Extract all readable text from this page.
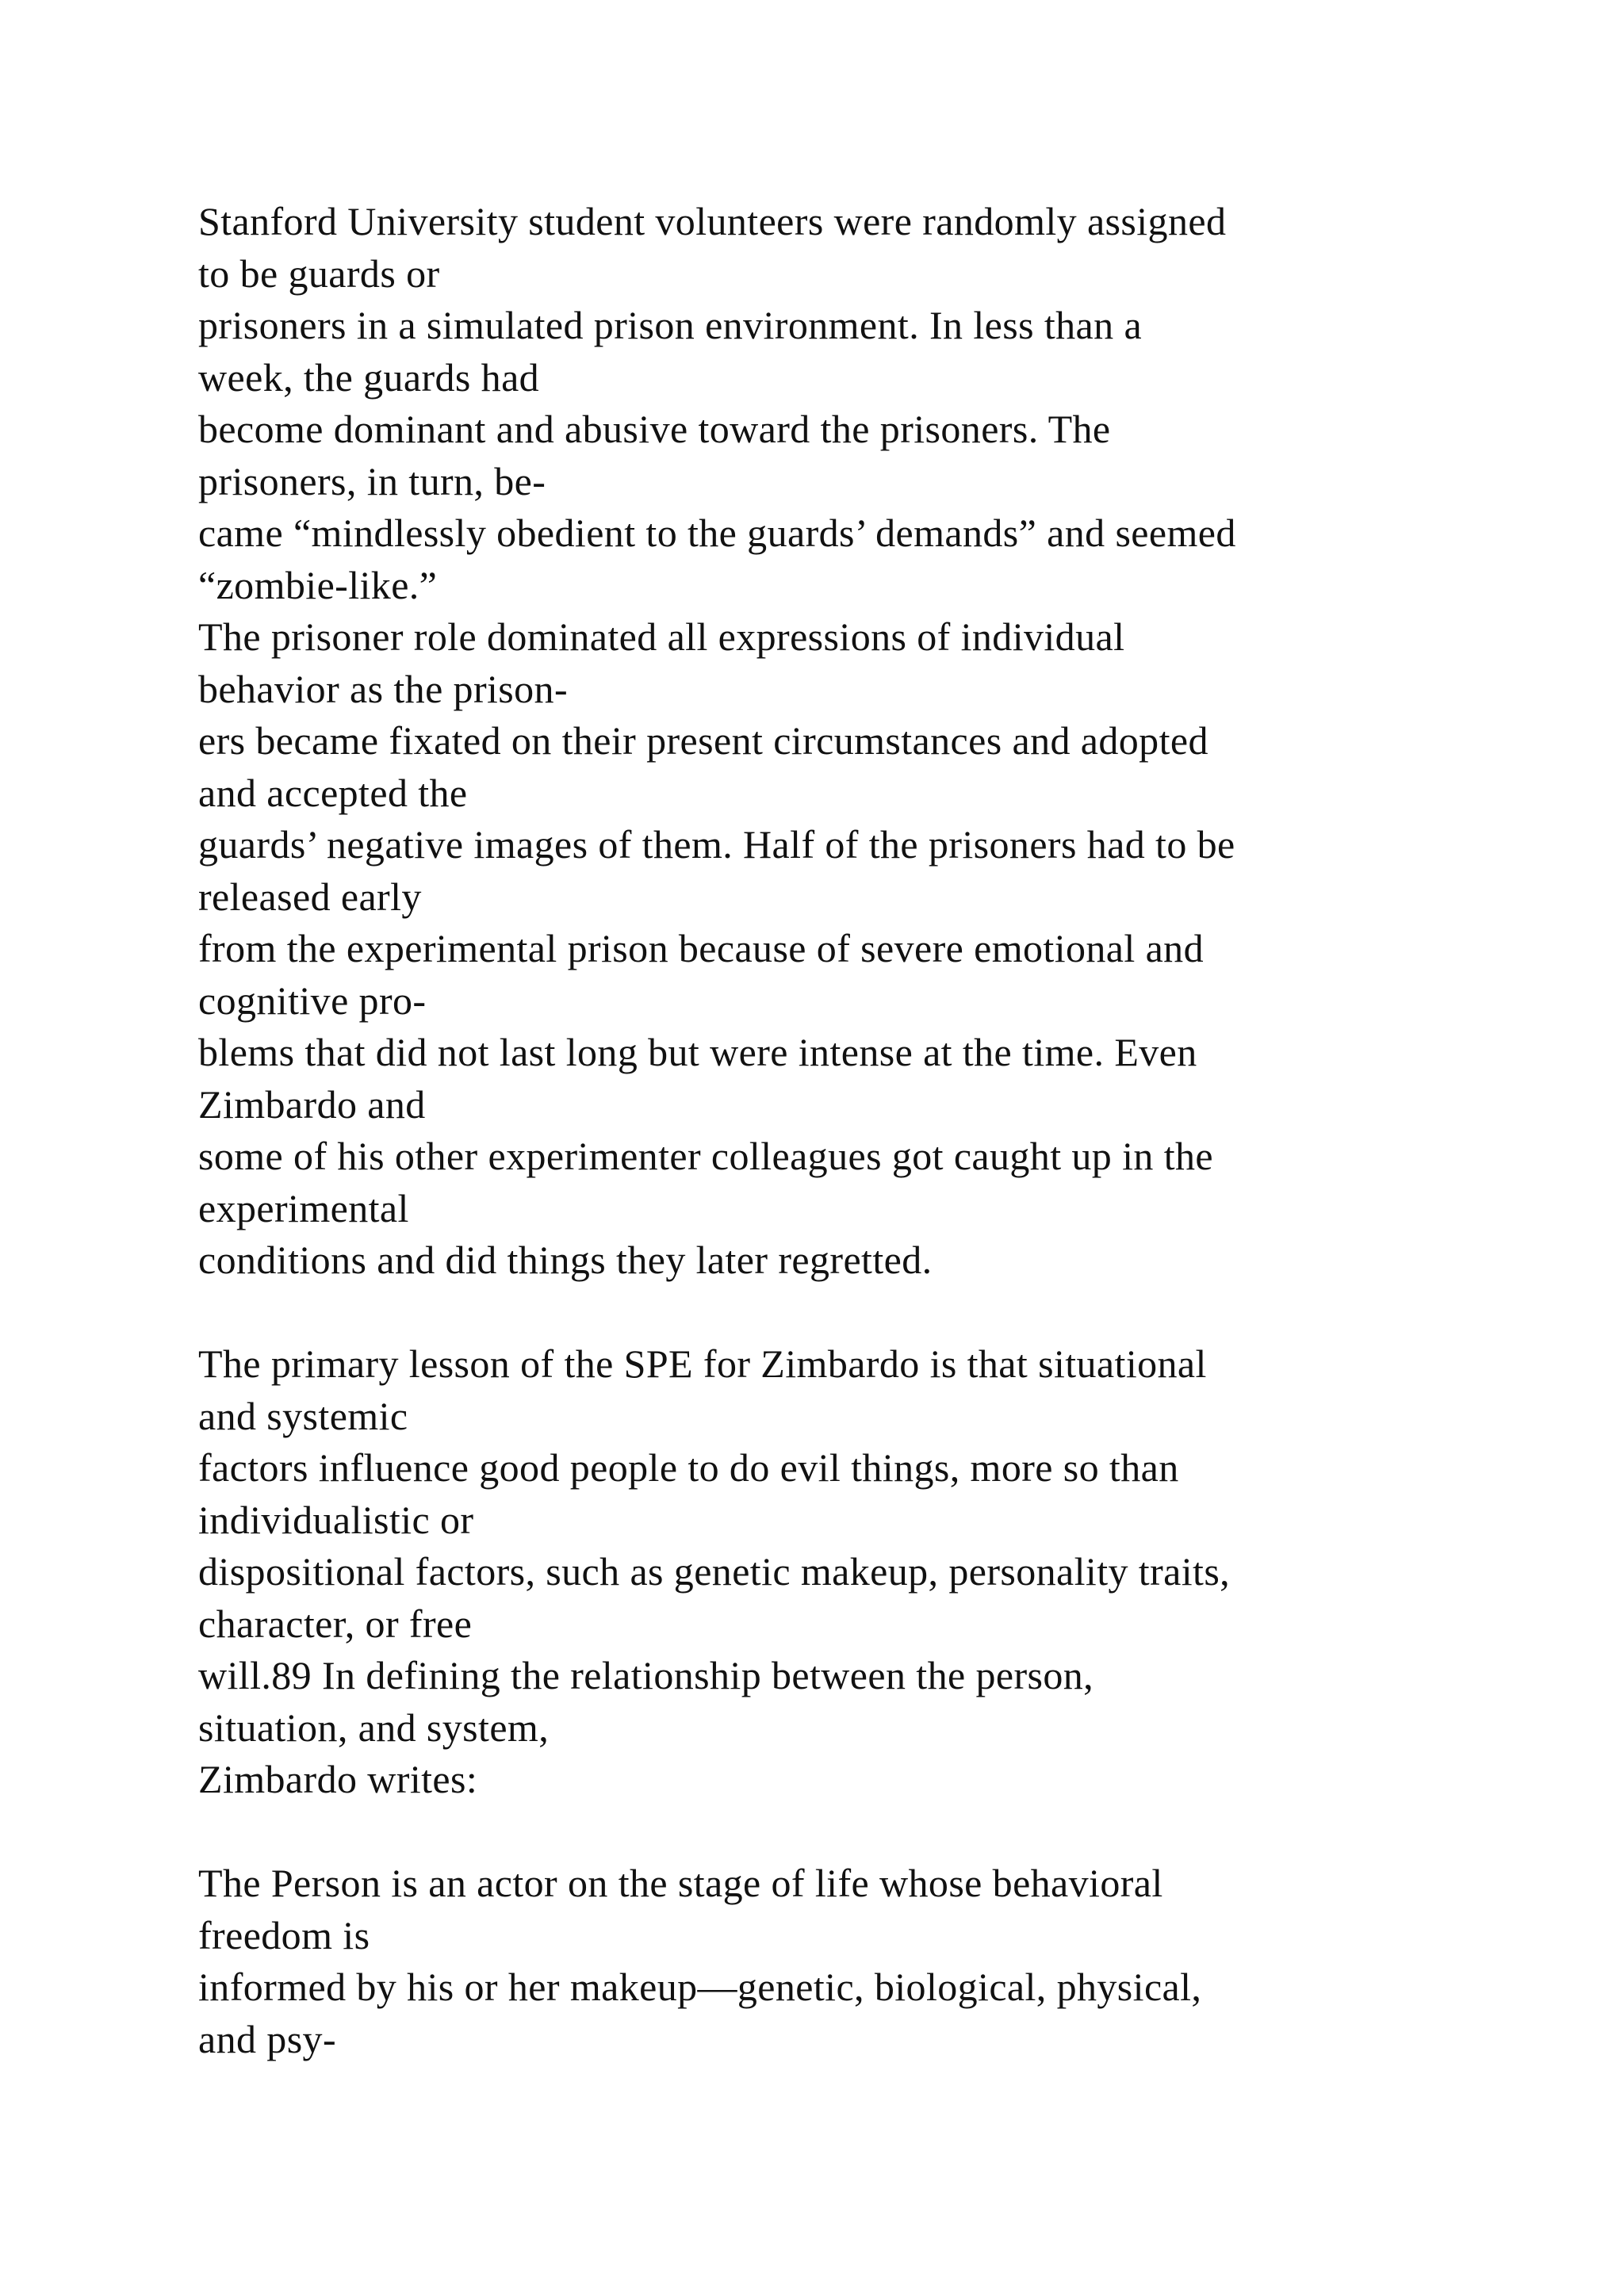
Stanford University student volunteers were randomly assigned
to be guards or
prisoners in a simulated prison environment. In less than a
week, the guards had
become dominant and abusive toward the prisoners. The
prisoners, in turn, be-
came “mindlessly obedient to the guards’ demands” and seemed
“zombie-like.”
The prisoner role dominated all expressions of individual
behavior as the prison-
ers became fixated on their present circumstances and adopted
and accepted the
guards’ negative images of them. Half of the prisoners had to be
released early
from the experimental prison because of severe emotional and
cognitive pro-
blems that did not last long but were intense at the time. Even
Zimbardo and
some of his other experimenter colleagues got caught up in the
experimental
conditions and did things they later regretted.
The primary lesson of the SPE for Zimbardo is that situational
and systemic
factors influence good people to do evil things, more so than
individualistic or
dispositional factors, such as genetic makeup, personality traits,
character, or free
will.89 In defining the relationship between the person,
situation, and system,
Zimbardo writes:
The Person is an actor on the stage of life whose behavioral
freedom is
informed by his or her makeup—genetic, biological, physical,
and psy-
